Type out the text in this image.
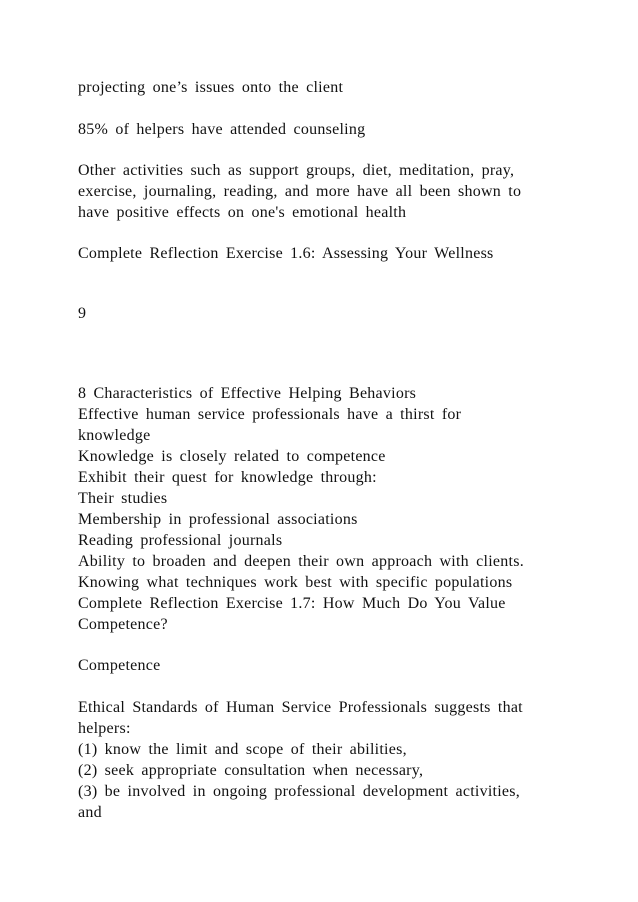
projecting one’s issues onto the client

85% of helpers have attended counseling

Other activities such as support groups, diet, meditation, pray,

exercise, journaling, reading, and more have all been shown to

have positive effects on one's emotional health

Complete Reflection Exercise 1.6: Assessing Your Wellness

9

8 Characteristics of Effective Helping Behaviors

Effective human service professionals have a thirst for

knowledge

Knowledge is closely related to competence

Exhibit their quest for knowledge through:

Their studies

Membership in professional associations

Reading professional journals

Ability to broaden and deepen their own approach with clients.

Knowing what techniques work best with specific populations

Complete Reflection Exercise 1.7: How Much Do You Value

Competence?

Competence

Ethical Standards of Human Service Professionals suggests that

helpers:

(1) know the limit and scope of their abilities,

(2) seek appropriate consultation when necessary,

(3) be involved in ongoing professional development activities,

and
